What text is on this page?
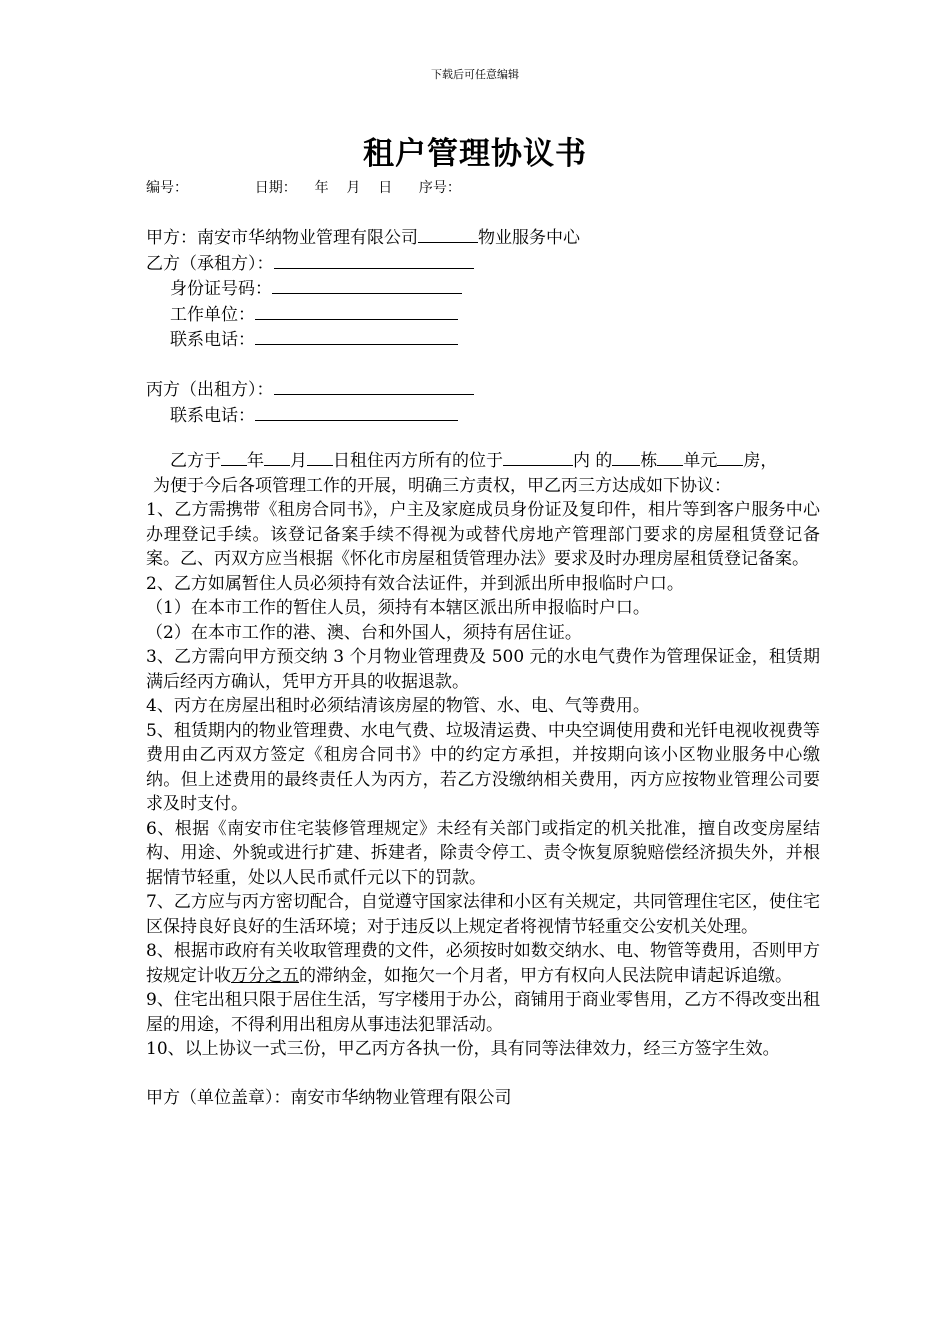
下载后可任意编辑
租户管理协议书
编号：	日期： 年 月 日 序号：
甲方：南安市华纳物业管理有限公司	物业服务中心
乙方（承租方）：
身份证号码：
工作单位：
联系电话：
丙方（出租方）：
联系电话：
乙方于 年 月 日租住丙方所有的位于	内 的 栋 单元 房，
为便于今后各项管理工作的开展，明确三方责权，甲乙丙三方达成如下协议：
1、乙方需携带《租房合同书》，户主及家庭成员身份证及复印件，相片等到客户服务中心办理登记手续。该登记备案手续不得视为或替代房地产管理部门要求的房屋租赁登记备案。乙、丙双方应当根据《怀化市房屋租赁管理办法》要求及时办理房屋租赁登记备案。
2、乙方如属暂住人员必须持有效合法证件，并到派出所申报临时户口。
（1）在本市工作的暂住人员，须持有本辖区派出所申报临时户口。
（2）在本市工作的港、澳、台和外国人，须持有居住证。
3、乙方需向甲方预交纳 3 个月物业管理费及 500 元的水电气费作为管理保证金，租赁期满后经丙方确认，凭甲方开具的收据退款。
4、丙方在房屋出租时必须结清该房屋的物管、水、电、气等费用。
5、租赁期内的物业管理费、水电气费、垃圾清运费、中央空调使用费和光钎电视收视费等费用由乙丙双方签定《租房合同书》中的约定方承担，并按期向该小区物业服务中心缴纳。但上述费用的最终责任人为丙方，若乙方没缴纳相关费用，丙方应按物业管理公司要求及时支付。
6、根据《南安市住宅装修管理规定》未经有关部门或指定的机关批准，擅自改变房屋结构、用途、外貌或进行扩建、拆建者，除责令停工、责令恢复原貌赔偿经济损失外，并根据情节轻重，处以人民币贰仟元以下的罚款。
7、乙方应与丙方密切配合，自觉遵守国家法律和小区有关规定，共同管理住宅区，使住宅区保持良好良好的生活环境；对于违反以上规定者将视情节轻重交公安机关处理。
8、根据市政府有关收取管理费的文件，必须按时如数交纳水、电、物管等费用，否则甲方按规定计收万分之五的滞纳金，如拖欠一个月者，甲方有权向人民法院申请起诉追缴。
9、住宅出租只限于居住生活，写字楼用于办公，商铺用于商业零售用，乙方不得改变出租屋的用途，不得利用出租房从事违法犯罪活动。
10、以上协议一式三份，甲乙丙方各执一份，具有同等法律效力，经三方签字生效。
甲方（单位盖章）：南安市华纳物业管理有限公司
